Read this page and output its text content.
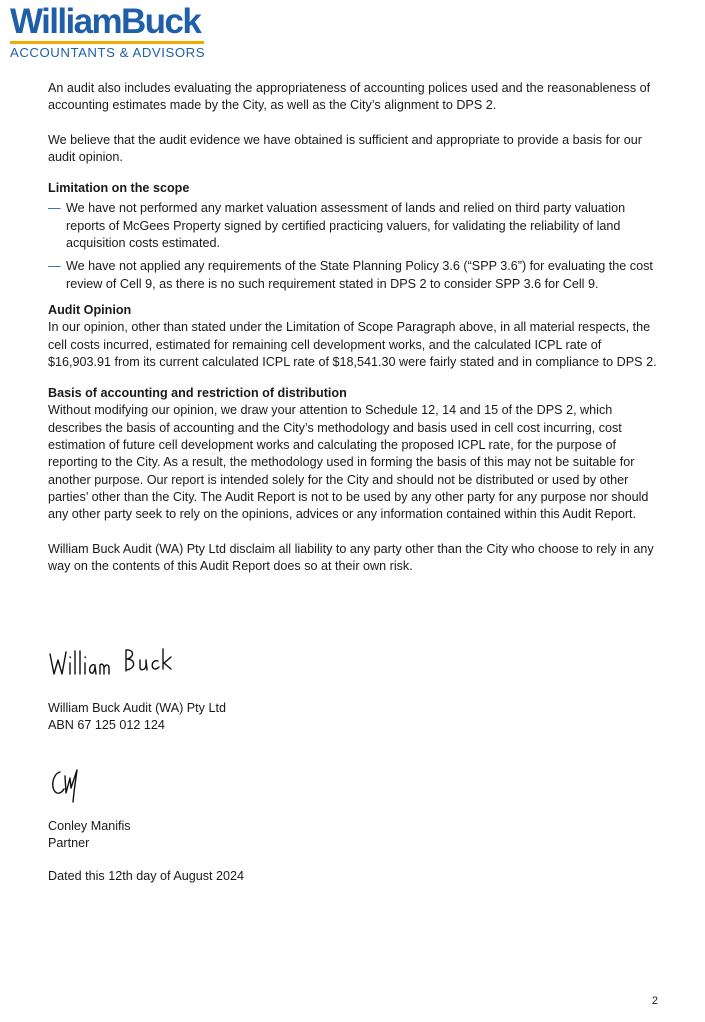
WilliamBuck
ACCOUNTANTS & ADVISORS

An audit also includes evaluating the appropriateness of accounting polices used and the reasonableness of accounting estimates made by the City, as well as the City’s alignment to DPS 2.

We believe that the audit evidence we have obtained is sufficient and appropriate to provide a basis for our audit opinion.

Limitation on the scope
— We have not performed any market valuation assessment of lands and relied on third party valuation reports of McGees Property signed by certified practicing valuers, for validating the reliability of land acquisition costs estimated.
— We have not applied any requirements of the State Planning Policy 3.6 (“SPP 3.6”) for evaluating the cost review of Cell 9, as there is no such requirement stated in DPS 2 to consider SPP 3.6 for Cell 9.
Audit Opinion

In our opinion, other than stated under the Limitation of Scope Paragraph above, in all material respects, the cell costs incurred, estimated for remaining cell development works, and the calculated ICPL rate of $16,903.91 from its current calculated ICPL rate of $18,541.30 were fairly stated and in compliance to DPS 2.

Basis of accounting and restriction of distribution

Without modifying our opinion, we draw your attention to Schedule 12, 14 and 15 of the DPS 2, which describes the basis of accounting and the City’s methodology and basis used in cell cost incurring, cost estimation of future cell development works and calculating the proposed ICPL rate, for the purpose of reporting to the City. As a result, the methodology used in forming the basis of this may not be suitable for another purpose. Our report is intended solely for the City and should not be distributed or used by other parties’ other than the City. The Audit Report is not to be used by any other party for any purpose nor should any other party seek to rely on the opinions, advices or any information contained within this Audit Report.

William Buck Audit (WA) Pty Ltd disclaim all liability to any party other than the City who choose to rely in any way on the contents of this Audit Report does so at their own risk.

William Buck Audit (WA) Pty Ltd

ABN 67 125 012 124

Conley Manifis

Partner

Dated this 12th day of August 2024

2
